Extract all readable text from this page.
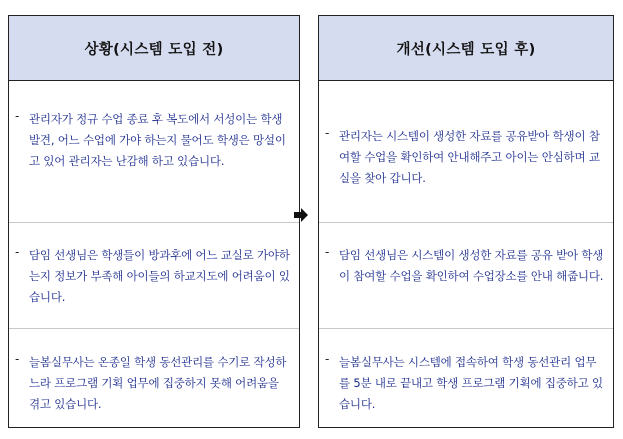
상황(시스템 도입 전)
- 관리자가 정규 수업 종료 후 복도에서 서성이는 학생 발견, 어느 수업에 가야 하는지 물어도 학생은 망설이고 있어 관리자는 난감해 하고 있습니다.
- 담임 선생님은 학생들이 방과후에 어느 교실로 가야하는지 정보가 부족해 아이들의 하교지도에 어려움이 있습니다.
- 늘봄실무사는 온종일 학생 동선관리를 수기로 작성하느라 프로그램 기획 업무에 집중하지 못해 어려움을 겪고 있습니다.
개선(시스템 도입 후)
- 관리자는 시스템이 생성한 자료를 공유받아 학생이 참여할 수업을 확인하여 안내해주고 아이는 안심하며 교실을 찾아 갑니다.
- 담임 선생님은 시스템이 생성한 자료를 공유 받아 학생이 참여할 수업을 확인하여 수업장소를 안내 해줍니다.
- 늘봄실무사는 시스템에 접속하여 학생 동선관리 업무를 5분 내로 끝내고 학생 프로그램 기획에 집중하고 있습니다.
